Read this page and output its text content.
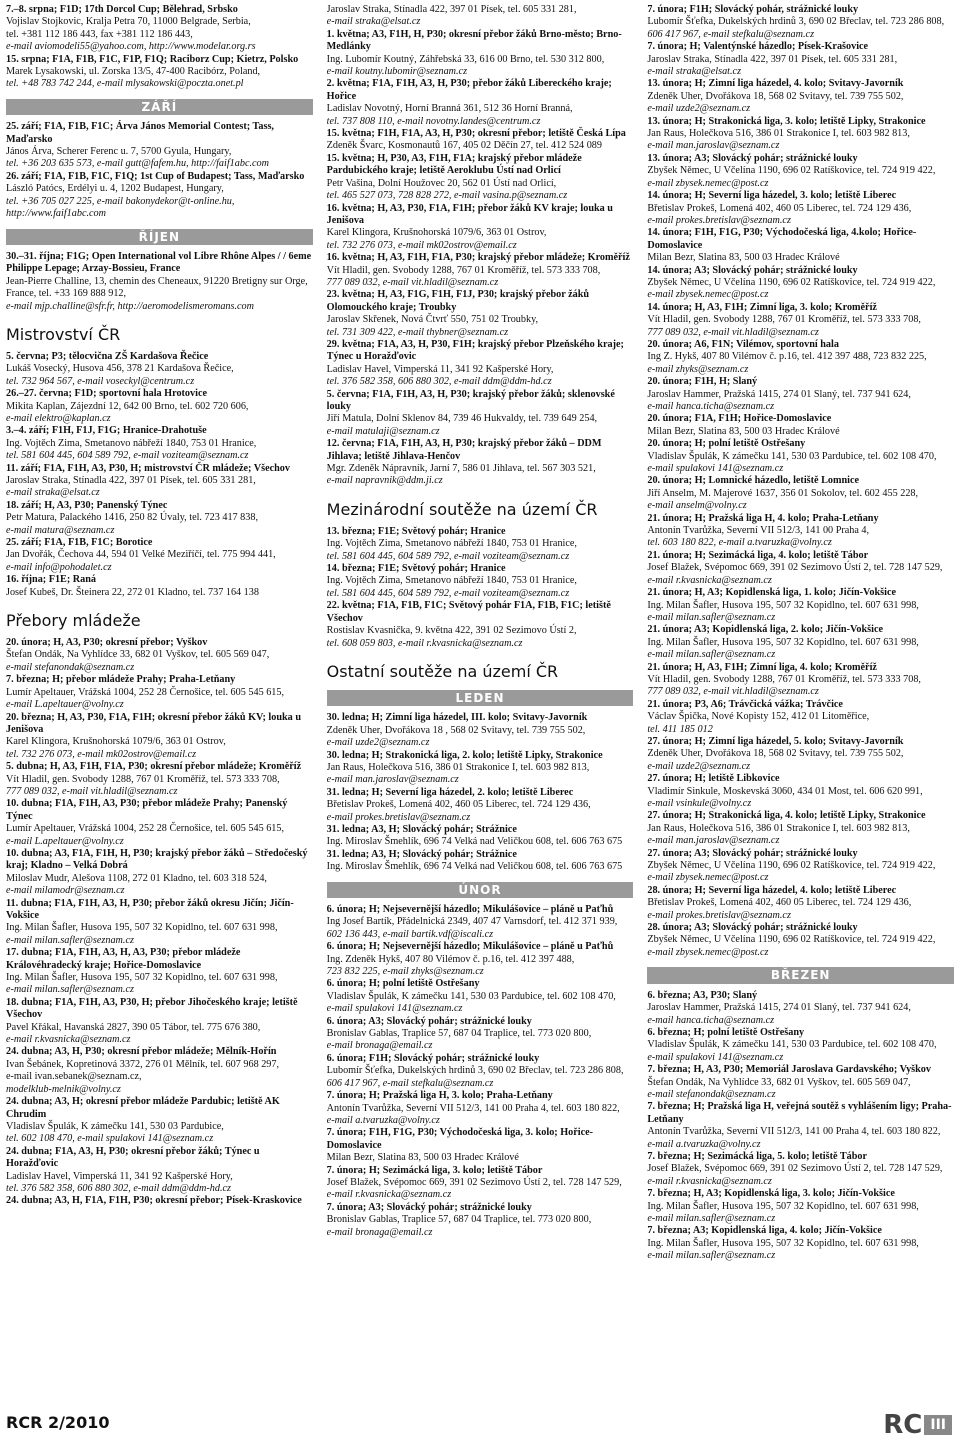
7.–8. srpna; F1D; 17th Dorcol Cup; Bělehrad, Srbsko

Vojislav Stojkovic, Kralja Petra 70, 11000 Belgrade, Serbia,

tel. +381 112 186 443, fax +381 112 186 443,

e-mail aviomodeli55@yahoo.com, http://www.modelar.org.rs

15. srpna; F1A, F1B, F1C, F1P, F1Q; Raciborz Cup; Kietrz, Polsko

Marek Lysakowski, ul. Zorska 13/5, 47-400 Racibórz, Poland,

tel. +48 783 742 244, e-mail mlysakowski@poczta.onet.pl

ZÁŘÍ

25. září; F1A, F1B, F1C; Árva János Memorial Contest; Tass, Maďarsko

János Árva, Scherer Ferenc u. 7, 5700 Gyula, Hungary,

tel. +36 203 635 573, e-mail gutt@fafem.hu, http://faif1abc.com

26. září; F1A, F1B, F1C, F1Q; 1st Cup of Budapest; Tass, Maďarsko

László Patócs, Erdélyi u. 4, 1202 Budapest, Hungary,

tel. +36 705 027 225, e-mail bakonydekor@t-online.hu, http://www.faif1abc.com

ŘÍJEN

30.–31. října; F1G; Open International vol Libre Rhône Alpes / / 6eme Philippe Lepage; Arzay-Bossieu, France

Jean-Pierre Challine, 13, chemin des Cheneaux, 91220 Bretigny sur Orge, France, tel. +33 169 888 912,

e-mail mjp.challine@sfr.fr, http://aeromodelismeromans.com

Mistrovství ČR

5. června; P3; tělocvična ZŠ Kardašova Řečice

Lukáš Vosecký, Husova 456, 378 21 Kardašova Řečice,

tel. 732 964 567, e-mail voseckyl@centrum.cz

26.–27. června; F1D; sportovní hala Hrotovice

Mikita Kaplan, Zájezdní 12, 642 00 Brno, tel. 602 720 606,

e-mail elektro@kaplan.cz

3.–4. září; F1H, F1J, F1G; Hranice-Drahotuše

Ing. Vojtěch Zima, Smetanovo nábřeží 1840, 753 01 Hranice,

tel. 581 604 445, 604 589 792, e-mail voziteam@seznam.cz

11. září; F1A, F1H, A3, P30, H; mistrovství ČR mládeže; Všechov

Jaroslav Straka, Stínadla 422, 397 01 Písek, tel. 605 331 281,

e-mail straka@elsat.cz

18. září; H, A3, P30; Panenský Týnec

Petr Matura, Palackého 1416, 250 82 Úvaly, tel. 723 417 838,

e-mail matura@seznam.cz

25. září; F1A, F1B, F1C; Borotice

Jan Dvořák, Čechova 44, 594 01 Velké Meziříčí, tel. 775 994 441,

e-mail info@pohodalet.cz

16. října; F1E; Raná

Josef Kubeš, Dr. Šteinera 22, 272 01 Kladno, tel. 737 164 138

Přebory mládeže

20. února; H, A3, P30; okresní přebor; Vyškov

Štefan Ondák, Na Vyhlídce 33, 682 01 Vyškov, tel. 605 569 047,

e-mail stefanondak@seznam.cz

7. března; H; přebor mládeže Prahy; Praha-Letňany

Lumír Apeltauer, Vrážská 1004, 252 28 Černošice, tel. 605 545 615,

e-mail L.apeltauer@volny.cz

20. března; H, A3, P30, F1A, F1H; okresní přebor žáků KV; louka u Jenišova

Karel Klingora, Krušnohorská 1079/6, 363 01 Ostrov,

tel. 732 276 073, e-mail mk02ostrov@email.cz

5. dubna; H, A3, F1H, F1A, P30; okresní přebor mládeže; Kroměříž

Vít Hladil, gen. Svobody 1288, 767 01 Kroměříž, tel. 573 333 708,

777 089 032, e-mail vit.hladil@seznam.cz

10. dubna; F1A, F1H, A3, P30; přebor mládeže Prahy; Panenský Týnec

Lumír Apeltauer, Vrážská 1004, 252 28 Černošice, tel. 605 545 615,

e-mail L.apeltauer@volny.cz

10. dubna; A3, F1A, F1H, H, P30; krajský přebor žáků – Středočeský kraj; Kladno – Velká Dobrá

Miloslav Mudr, Alešova 1108, 272 01 Kladno, tel. 603 318 524,

e-mail milamodr@seznam.cz

11. dubna; F1A, F1H, A3, H, P30; přebor žáků okresu Jičín; Jičín-Vokšice

Ing. Milan Šafler, Husova 195, 507 32 Kopidlno, tel. 607 631 998,

e-mail milan.safler@seznam.cz

17. dubna; F1A, F1H, A3, H, A3, P30; přebor mládeže Královéhradecký kraje; Hořice-Domoslavice

Ing. Milan Šafler, Husova 195, 507 32 Kopidlno, tel. 607 631 998,

e-mail milan.safler@seznam.cz

18. dubna; F1A, F1H, A3, P30, H; přebor Jihočeského kraje; letiště Všechov

Pavel Křákal, Havanská 2827, 390 05 Tábor, tel. 775 676 380,

e-mail r.kvasnicka@seznam.cz

24. dubna; A3, H, P30; okresní přebor mládeže; Mělník-Hořín

Ivan Šebánek, Kopretinová 3372, 276 01 Mělník, tel. 607 968 297,

e-mail ivan.sebanek@seznam.cz,

modelklub-melnik@volny.cz

24. dubna; A3, H; okresní přebor mládeže Pardubic; letiště AK Chrudim

Vladislav Špulák, K zámečku 141, 530 03 Pardubice,

tel. 602 108 470, e-mail spulakovi 141@seznam.cz

24. dubna; F1A, A3, H, P30; okresní přebor žáků; Týnec u Horažďovic

Ladislav Havel, Vimperská 11, 341 92 Kašperské Hory,

tel. 376 582 358, 606 880 302, e-mail ddm@ddm-hd.cz

24. dubna; A3, H, F1A, F1H, P30; okresní přebor; Písek-Kraskovice

Jaroslav Straka, Stínadla 422, 397 01 Písek, tel. 605 331 281,

e-mail straka@elsat.cz

1. května; A3, F1H, H, P30; okresní přebor žáků Brno-město; Brno-Medlánky

Ing. Lubomír Koutný, Záhřebská 33, 616 00 Brno, tel. 530 312 800,

e-mail koutny.lubomir@seznam.cz

2. května; F1A, F1H, A3, H, P30; přebor žáků Libereckého kraje; Hořice

Ladislav Novotný, Horní Branná 361, 512 36 Horní Branná,

tel. 737 808 110, e-mail novotny.landes@centrum.cz

15. května; F1H, F1A, A3, H, P30; okresní přebor; letiště Česká Lípa

Zdeněk Švarc, Kosmonautů 167, 405 02 Děčín 27, tel. 412 524 089

15. května; H, P30, A3, F1H, F1A; krajský přebor mládeže Pardubického kraje; letiště Aeroklubu Ústí nad Orlicí

Petr Vašina, Dolní Houžovec 20, 562 01 Ústí nad Orlicí,

tel. 465 527 073, 728 828 272, e-mail vasina.p@seznam.cz

16. května; H, A3, P30, F1A, F1H; přebor žáků KV kraje; louka u Jenišova

Karel Klingora, Krušnohorská 1079/6, 363 01 Ostrov,

tel. 732 276 073, e-mail mk02ostrov@email.cz

16. května; H, A3, F1H, F1A, P30; krajský přebor mládeže; Kroměříž

Vít Hladil, gen. Svobody 1288, 767 01 Kroměříž, tel. 573 333 708,

777 089 032, e-mail vit.hladil@seznam.cz

23. května; H, A3, F1G, F1H, F1J, P30; krajský přebor žáků Olomouckého kraje; Troubky

Jaroslav Skřenek, Nová Čtvrť 550, 751 02 Troubky,

tel. 731 309 422, e-mail thybner@seznam.cz

29. května; F1A, A3, H, P30, F1H; krajský přebor Plzeňského kraje; Týnec u Horažďovic

Ladislav Havel, Vimperská 11, 341 92 Kašperské Hory,

tel. 376 582 358, 606 880 302, e-mail ddm@ddm-hd.cz

5. června; F1A, F1H, A3, H, P30; krajský přebor žáků; sklenovské louky

Jiří Matula, Dolní Sklenov 84, 739 46 Hukvaldy, tel. 739 649 254,

e-mail matulaji@seznam.cz

12. června; F1A, F1H, A3, H, P30; krajský přebor žáků – DDM Jihlava; letiště Jihlava-Henčov

Mgr. Zdeněk Nápravník, Jarní 7, 586 01 Jihlava, tel. 567 303 521,

e-mail napravnik@ddm.ji.cz

Mezinárodní soutěže na území ČR

13. března; F1E; Světový pohár; Hranice

Ing. Vojtěch Zima, Smetanovo nábřeží 1840, 753 01 Hranice,

tel. 581 604 445, 604 589 792, e-mail voziteam@seznam.cz

14. března; F1E; Světový pohár; Hranice

Ing. Vojtěch Zima, Smetanovo nábřeží 1840, 753 01 Hranice,

tel. 581 604 445, 604 589 792, e-mail voziteam@seznam.cz

22. května; F1A, F1B, F1C; Světový pohár F1A, F1B, F1C; letiště Všechov

Rostislav Kvasnička, 9. května 422, 391 02 Sezimovo Ústí 2,

tel. 608 059 803, e-mail r.kvasnicka@seznam.cz

Ostatní soutěže na území ČR
LEDEN

30. ledna; H; Zimní liga házedel, III. kolo; Svitavy-Javorník

Zdeněk Uher, Dvořákova 18 , 568 02 Svitavy, tel. 739 755 502,

e-mail uzde2@seznam.cz

30. ledna; H; Strakonická liga, 2. kolo; letiště Lipky, Strakonice

Jan Raus, Holečkova 516, 386 01 Strakonice I, tel. 603 982 813,

e-mail man.jaroslav@seznam.cz

31. ledna; H; Severní liga házedel, 2. kolo; letiště Liberec

Břetislav Prokeš, Lomená 402, 460 05 Liberec, tel. 724 129 436,

e-mail prokes.bretislav@seznam.cz

31. ledna; A3, H; Slovácký pohár; Strážnice

Ing. Miroslav Šmehlík, 696 74 Velká nad Veličkou 608, tel. 606 763 675

31. ledna; A3, H; Slovácký pohár; Strážnice

Ing. Miroslav Šmehlík, 696 74 Velká nad Veličkou 608, tel. 606 763 675

ÚNOR

6. února; H; Nejsevernější házedlo; Mikulášovice – pláně u Paťhů

Ing Josef Bartík, Přádelnická 2349, 407 47 Varnsdorf, tel. 412 371 939,

602 136 443, e-mail bartik.vdf@iscali.cz

6. února; H; Nejsevernější házedlo; Mikulášovice – pláně u Paťhů

Ing. Zdeněk Hykš, 407 80 Vilémov č. p.16, tel. 412 397 488,

723 832 225, e-mail zhyks@seznam.cz

6. února; H; polní letiště Ostřešany

Vladislav Špulák, K zámečku 141, 530 03 Pardubice, tel. 602 108 470,

e-mail spulakovi 141@seznam.cz

6. února; A3; Slovácký pohár; strážnické louky

Bronislav Gablas, Traplice 57, 687 04 Traplice, tel. 773 020 800,

e-mail bronaga@email.cz

6. února; F1H; Slovácký pohár; strážnické louky

Lubomír Šťefka, Dukelských hrdinů 3, 690 02 Břeclav, tel. 723 286 808,

606 417 967, e-mail stefkalu@seznam.cz

7. února; H; Pražská liga H, 3. kolo; Praha-Letňany

Antonín Tvarůžka, Severní VII 512/3, 141 00 Praha 4, tel. 603 180 822,

e-mail a.tvaruzka@volny.cz

7. února; F1H, F1G, P30; Východočeská liga, 3. kolo; Hořice-Domoslavice

Milan Bezr, Slatina 83, 500 03 Hradec Králové

7. února; H; Sezimácká liga, 3. kolo; letiště Tábor

Josef Blažek, Svépomoc 669, 391 02 Sezimovo Ústí 2, tel. 728 147 529,

e-mail r.kvasnicka@seznam.cz

7. února; A3; Slovácký pohár; strážnické louky

Bronislav Gablas, Traplice 57, 687 04 Traplice, tel. 773 020 800,

e-mail bronaga@email.cz

7. února; F1H; Slovácký pohár, strážnické louky

Lubomír Šťefka, Dukelských hrdinů 3, 690 02 Břeclav, tel. 723 286 808,

606 417 967, e-mail stefkalu@seznam.cz

7. února; H; Valentýnské házedlo; Písek-Krašovice

Jaroslav Straka, Stínadla 422, 397 01 Písek, tel. 605 331 281,

e-mail straka@elsat.cz

13. února; H; Zimní liga házedel, 4. kolo; Svitavy-Javorník

Zdeněk Uher, Dvořákova 18, 568 02 Svitavy, tel. 739 755 502,

e-mail uzde2@seznam.cz

13. února; H; Strakonická liga, 3. kolo; letiště Lipky, Strakonice

Jan Raus, Holečkova 516, 386 01 Strakonice I, tel. 603 982 813,

e-mail man.jaroslav@seznam.cz

13. února; A3; Slovácký pohár; strážnické louky

Zbyšek Němec, U Včelína 1190, 696 02 Ratíškovice, tel. 724 919 422,

e-mail zbysek.nemec@post.cz

14. února; H; Severní liga házedel, 3. kolo; letiště Liberec

Břetislav Prokeš, Lomená 402, 460 05 Liberec, tel. 724 129 436,

e-mail prokes.bretislav@seznam.cz

14. února; F1H, F1G, P30; Východočeská liga, 4.kolo; Hořice-Domoslavice

Milan Bezr, Slatina 83, 500 03 Hradec Králové

14. února; A3; Slovácký pohár; strážnické louky

Zbyšek Němec, U Včelína 1190, 696 02 Ratíškovice, tel. 724 919 422,

e-mail zbysek.nemec@post.cz

14. února; H, A3, F1H; Zimní liga, 3. kolo; Kroměříž

Vít Hladil, gen. Svobody 1288, 767 01 Kroměříž, tel. 573 333 708,

777 089 032, e-mail vit.hladil@seznam.cz

20. února; A6, F1N; Vilémov, sportovní hala

Ing Z. Hykš, 407 80 Vilémov č. p.16, tel. 412 397 488, 723 832 225,

e-mail zhyks@seznam.cz

20. února; F1H, H; Slaný

Jaroslav Hammer, Pražská 1415, 274 01 Slaný, tel. 737 941 624,

e-mail hanca.ticha@seznam.cz

20. února; F1A, F1H; Hořice-Domoslavice

Milan Bezr, Slatina 83, 500 03 Hradec Králové

20. února; H; polní letiště Ostřešany

Vladislav Špulák, K zámečku 141, 530 03 Pardubice, tel. 602 108 470,

e-mail spulakovi 141@seznam.cz

20. února; H; Lomnické házedlo, letiště Lomnice

Jiří Anselm, M. Majerové 1637, 356 01 Sokolov, tel. 602 455 228,

e-mail anselm@volny.cz

21. února; H; Pražská liga H, 4. kolo; Praha-Letňany

Antonín Tvarůžka, Severní VII 512/3, 141 00 Praha 4,

tel. 603 180 822, e-mail a.tvaruzka@volny.cz

21. února; H; Sezimácká liga, 4. kolo; letiště Tábor

Josef Blažek, Svépomoc 669, 391 02 Sezimovo Ústí 2, tel. 728 147 529,

e-mail r.kvasnicka@seznam.cz

21. února; H, A3; Kopidlenská liga, 1. kolo; Jičín-Vokšice

Ing. Milan Šafler, Husova 195, 507 32 Kopidlno, tel. 607 631 998,

e-mail milan.safler@seznam.cz

21. února; A3; Kopidlenská liga, 2. kolo; Jičín-Vokšice

Ing. Milan Šafler, Husova 195, 507 32 Kopidlno, tel. 607 631 998,

e-mail milan.safler@seznam.cz

21. února; H, A3, F1H; Zimní liga, 4. kolo; Kroměříž

Vít Hladil, gen. Svobody 1288, 767 01 Kroměříž, tel. 573 333 708,

777 089 032, e-mail vit.hladil@seznam.cz

21. února; P3, A6; Trávčická vážka; Trávčice

Václav Špička, Nové Kopisty 152, 412 01 Litoměřice,

tel. 411 185 012

27. února; H; Zimní liga házedel, 5. kolo; Svitavy-Javorník

Zdeněk Uher, Dvořákova 18, 568 02 Svitavy, tel. 739 755 502,

e-mail uzde2@seznam.cz

27. února; H; letiště Libkovice

Vladimír Sinkule, Moskevská 3060, 434 01 Most, tel. 606 620 991,

e-mail vsinkule@volny.cz

27. února; H; Strakonická liga, 4. kolo; letiště Lipky, Strakonice

Jan Raus, Holečkova 516, 386 01 Strakonice I, tel. 603 982 813,

e-mail man.jaroslav@seznam.cz

27. února; A3; Slovácký pohár; strážnické louky

Zbyšek Němec, U Včelína 1190, 696 02 Ratíškovice, tel. 724 919 422,

e-mail zbysek.nemec@post.cz

28. února; H; Severní liga házedel, 4. kolo; letiště Liberec

Břetislav Prokeš, Lomená 402, 460 05 Liberec, tel. 724 129 436,

e-mail prokes.bretislav@seznam.cz

28. února; A3; Slovácký pohár; strážnické louky

Zbyšek Němec, U Včelína 1190, 696 02 Ratíškovice, tel. 724 919 422,

e-mail zbysek.nemec@post.cz

BŘEZEN

6. března; A3, P30; Slaný

Jaroslav Hammer, Pražská 1415, 274 01 Slaný, tel. 737 941 624,

e-mail hanca.ticha@seznam.cz

6. března; H; polní letiště Ostřešany

Vladislav Špulák, K zámečku 141, 530 03 Pardubice, tel. 602 108 470,

e-mail spulakovi 141@seznam.cz

7. března; H, A3, P30; Memoriál Jaroslava Gardavského; Vyškov

Štefan Ondák, Na Vyhlídce 33, 682 01 Vyškov, tel. 605 569 047,

e-mail stefanondak@seznam.cz

7. března; H; Pražská liga H, veřejná soutěž s vyhlášením ligy; Praha-Letňany

Antonín Tvarůžka, Severní VII 512/3, 141 00 Praha 4, tel. 603 180 822,

e-mail a.tvaruzka@volny.cz

7. března; H; Sezimácká liga, 5. kolo; letiště Tábor

Josef Blažek, Svépomoc 669, 391 02 Sezimovo Ústí 2, tel. 728 147 529,

e-mail r.kvasnicka@seznam.cz

7. března; H, A3; Kopidlenská liga, 3. kolo; Jičín-Vokšice

Ing. Milan Šafler, Husova 195, 507 32 Kopidlno, tel. 607 631 998,

e-mail milan.safler@seznam.cz

7. března; A3; Kopidlenská liga, 4. kolo; Jičín-Vokšice

Ing. Milan Šafler, Husova 195, 507 32 Kopidlno, tel. 607 631 998,

e-mail milan.safler@seznam.cz

RCR 2/2010	RC III
